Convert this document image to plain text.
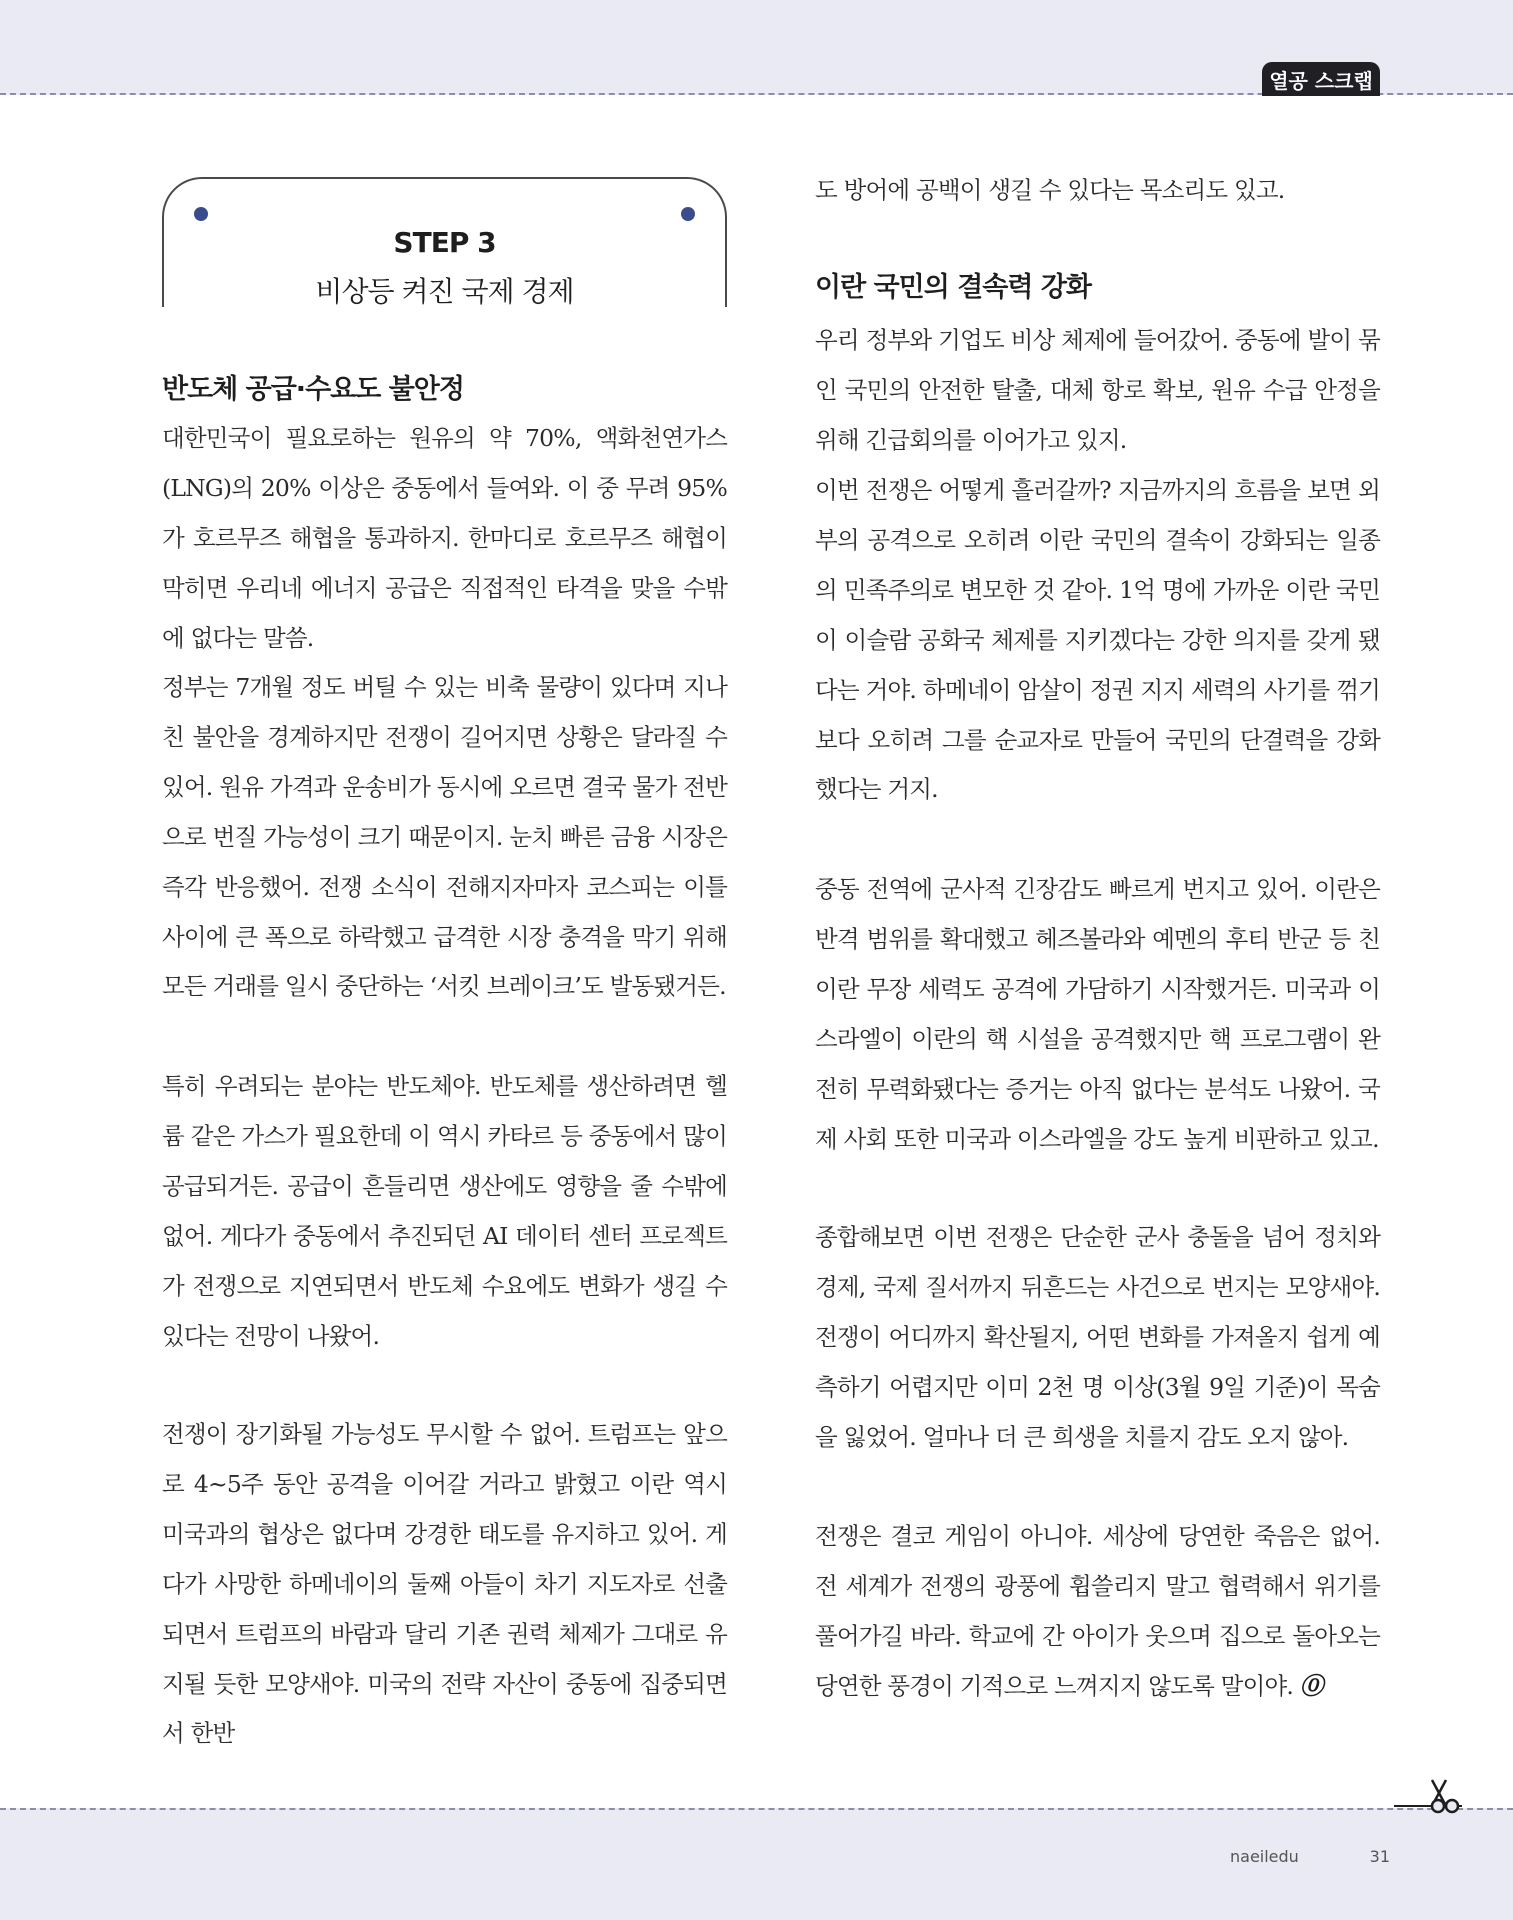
열공 스크랩
STEP 3
비상등 켜진 국제 경제
반도체 공급·수요도 불안정

대한민국이 필요로하는 원유의 약 70%, 액화천연가스(LNG)의 20% 이상은 중동에서 들여와. 이 중 무려 95%가 호르무즈 해협을 통과하지. 한마디로 호르무즈 해협이 막히면 우리네 에너지 공급은 직접적인 타격을 맞을 수밖에 없다는 말씀.

정부는 7개월 정도 버틸 수 있는 비축 물량이 있다며 지나친 불안을 경계하지만 전쟁이 길어지면 상황은 달라질 수 있어. 원유 가격과 운송비가 동시에 오르면 결국 물가 전반으로 번질 가능성이 크기 때문이지. 눈치 빠른 금융 시장은 즉각 반응했어. 전쟁 소식이 전해지자마자 코스피는 이틀 사이에 큰 폭으로 하락했고 급격한 시장 충격을 막기 위해 모든 거래를 일시 중단하는 ‘서킷 브레이크’도 발동됐거든.

특히 우려되는 분야는 반도체야. 반도체를 생산하려면 헬륨 같은 가스가 필요한데 이 역시 카타르 등 중동에서 많이 공급되거든. 공급이 흔들리면 생산에도 영향을 줄 수밖에 없어. 게다가 중동에서 추진되던 AI 데이터 센터 프로젝트가 전쟁으로 지연되면서 반도체 수요에도 변화가 생길 수 있다는 전망이 나왔어.

전쟁이 장기화될 가능성도 무시할 수 없어. 트럼프는 앞으로 4~5주 동안 공격을 이어갈 거라고 밝혔고 이란 역시 미국과의 협상은 없다며 강경한 태도를 유지하고 있어. 게다가 사망한 하메네이의 둘째 아들이 차기 지도자로 선출되면서 트럼프의 바람과 달리 기존 권력 체제가 그대로 유지될 듯한 모양새야. 미국의 전략 자산이 중동에 집중되면서 한반

도 방어에 공백이 생길 수 있다는 목소리도 있고.

이란 국민의 결속력 강화

우리 정부와 기업도 비상 체제에 들어갔어. 중동에 발이 묶인 국민의 안전한 탈출, 대체 항로 확보, 원유 수급 안정을 위해 긴급회의를 이어가고 있지.

이번 전쟁은 어떻게 흘러갈까? 지금까지의 흐름을 보면 외부의 공격으로 오히려 이란 국민의 결속이 강화되는 일종의 민족주의로 변모한 것 같아. 1억 명에 가까운 이란 국민이 이슬람 공화국 체제를 지키겠다는 강한 의지를 갖게 됐다는 거야. 하메네이 암살이 정권 지지 세력의 사기를 꺾기보다 오히려 그를 순교자로 만들어 국민의 단결력을 강화했다는 거지.

중동 전역에 군사적 긴장감도 빠르게 번지고 있어. 이란은 반격 범위를 확대했고 헤즈볼라와 예멘의 후티 반군 등 친이란 무장 세력도 공격에 가담하기 시작했거든. 미국과 이스라엘이 이란의 핵 시설을 공격했지만 핵 프로그램이 완전히 무력화됐다는 증거는 아직 없다는 분석도 나왔어. 국제 사회 또한 미국과 이스라엘을 강도 높게 비판하고 있고.

종합해보면 이번 전쟁은 단순한 군사 충돌을 넘어 정치와 경제, 국제 질서까지 뒤흔드는 사건으로 번지는 모양새야. 전쟁이 어디까지 확산될지, 어떤 변화를 가져올지 쉽게 예측하기 어렵지만 이미 2천 명 이상(3월 9일 기준)이 목숨을 잃었어. 얼마나 더 큰 희생을 치를지 감도 오지 않아.

전쟁은 결코 게임이 아니야. 세상에 당연한 죽음은 없어. 전 세계가 전쟁의 광풍에 휩쓸리지 말고 협력해서 위기를 풀어가길 바라. 학교에 간 아이가 웃으며 집으로 돌아오는 당연한 풍경이 기적으로 느껴지지 않도록 말이야. ⓪

naeiledu	31
